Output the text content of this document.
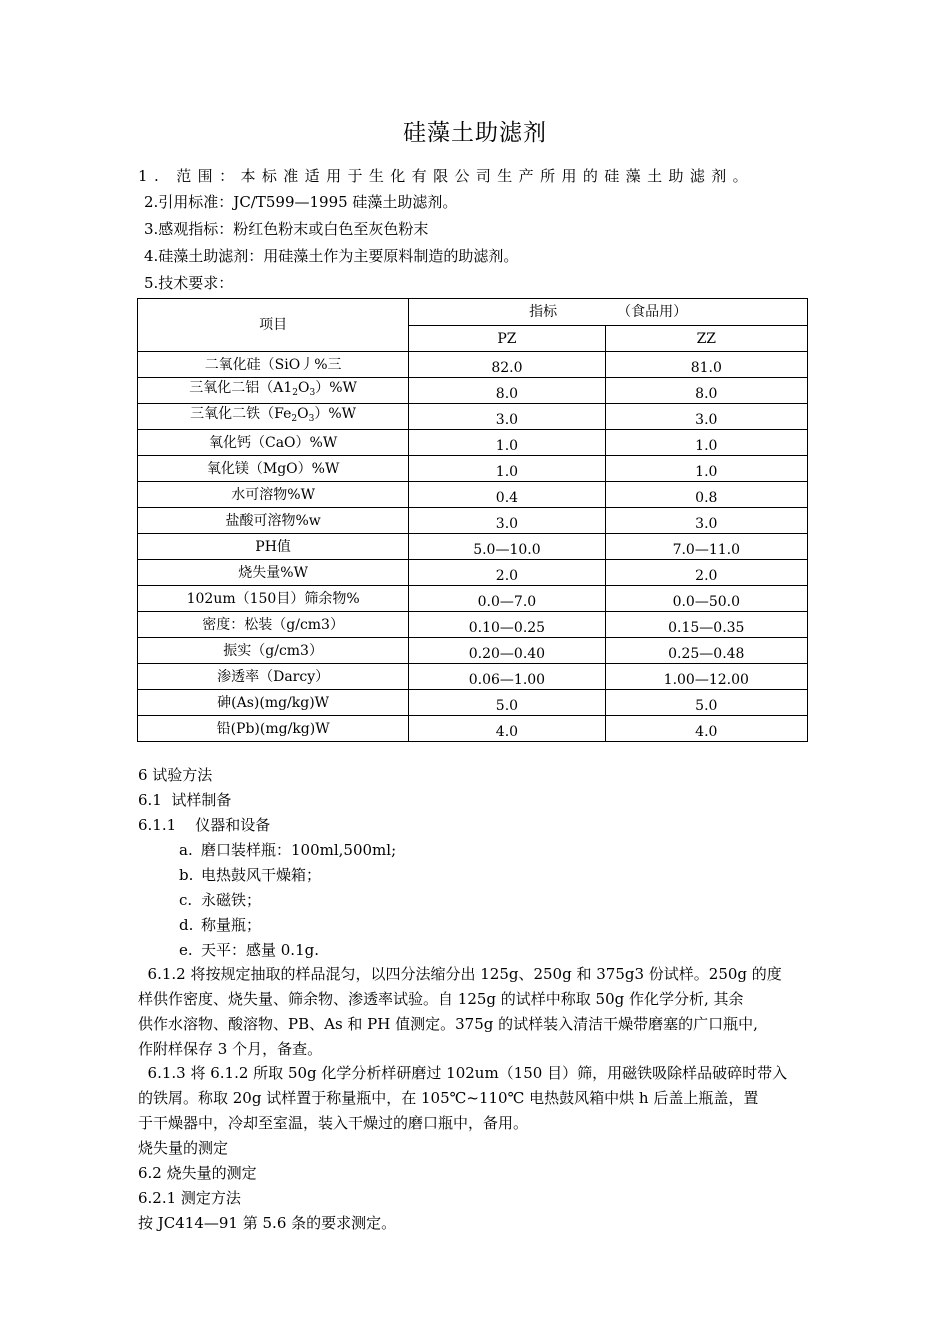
硅藻土助滤剂
1. 范围：本标准适用于生化有限公司生产所用的硅藻土助滤剂。
2.引用标准：JC/T599—1995 硅藻土助滤剂。
3.感观指标：粉红色粉末或白色至灰色粉末
4.硅藻土助滤剂：用硅藻土作为主要原料制造的助滤剂。
5.技术要求：
项目	指标 （食品用）	
	PZ	ZZ
二氧化硅（SiO丿%三	82.0	81.0
三氧化二铝$(A1_2O_3)\%W$	8.0	8.0
三氧化二铁$(Fe_2O_3)\%W$	3.0	3.0
氧化钙（CaO）%W	1.0	1.0
氧化镁（MgO）%W	1.0	1.0
水可溶物%W	0.4	0.8
盐酸可溶物%w	3.0	3.0
PH值	5.0—10.0	7.0—11.0
烧失量%W	2.0	2.0
102um（150目）筛余物%	0.0—7.0	0.0—50.0
密度：松装（g/cm3）	0.10—0.25	0.15—0.35
振实（g/cm3）	0.20—0.40	0.25—0.48
渗透率（Darcy）	0.06—1.00	1.00—12.00
砷(As)(mg/kg)W	5.0	5.0
铅(Pb)(mg/kg)W	4.0	4.0
6 试验方法
6.1  试样制备
6.1.1    仪器和设备
a. 磨口装样瓶：100ml,500ml;
b. 电热鼓风干燥箱；
c. 永磁铁；
d. 称量瓶；
e. 天平：感量 0.1g.

6.1.2 将按规定抽取的样品混匀，以四分法缩分出 125g、250g 和 375g3 份试样。250g 的度

样供作密度、烧失量、筛余物、渗透率试验。自 125g 的试样中称取 50g 作化学分析, 其余

供作水溶物、酸溶物、PB、As 和 PH 值测定。375g 的试样装入清洁干燥带磨塞的广口瓶中,

作附样保存 3 个月，备查。

6.1.3 将 6.1.2 所取 50g 化学分析样研磨过 102um（150 目）筛，用磁铁吸除样品破碎时带入

的铁屑。称取 20g 试样置于称量瓶中，在 105℃~110℃ 电热鼓风箱中烘 h 后盖上瓶盖，置

于干燥器中，冷却至室温，装入干燥过的磨口瓶中，备用。

烧失量的测定

6.2 烧失量的测定

6.2.1 测定方法

按 JC414—91 第 5.6 条的要求测定。
